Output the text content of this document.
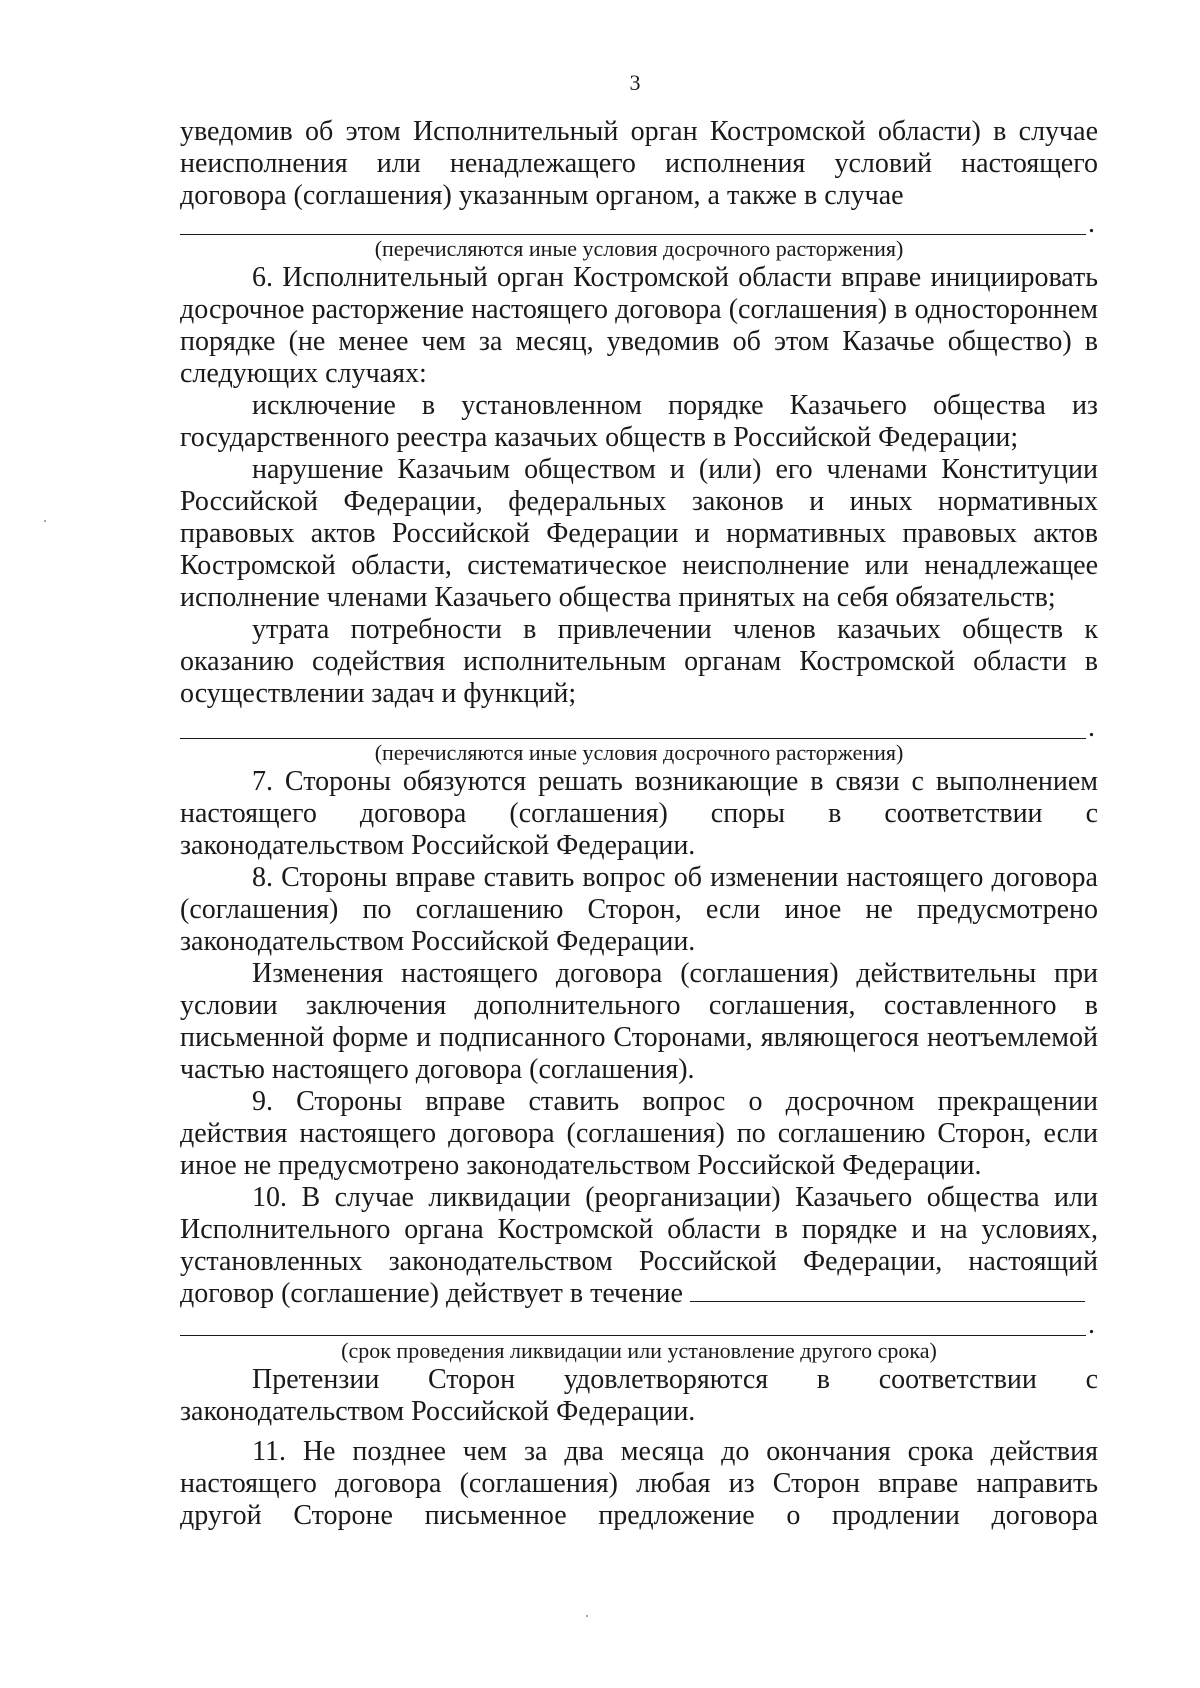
3
уведомив об этом Исполнительный орган Костромской области) в случае неисполнения или ненадлежащего исполнения условий настоящего договора (соглашения) указанным органом, а также в случае
.
(перечисляются иные условия досрочного расторжения)
6. Исполнительный орган Костромской области вправе инициировать досрочное расторжение настоящего договора (соглашения) в одностороннем порядке (не менее чем за месяц, уведомив об этом Казачье общество) в следующих случаях:
исключение в установленном порядке Казачьего общества из государственного реестра казачьих обществ в Российской Федерации;
нарушение Казачьим обществом и (или) его членами Конституции Российской Федерации, федеральных законов и иных нормативных правовых актов Российской Федерации и нормативных правовых актов Костромской области, систематическое неисполнение или ненадлежащее исполнение членами Казачьего общества принятых на себя обязательств;
утрата потребности в привлечении членов казачьих обществ к оказанию содействия исполнительным органам Костромской области в осуществлении задач и функций;
.
(перечисляются иные условия досрочного расторжения)
7. Стороны обязуются решать возникающие в связи с выполнением настоящего договора (соглашения) споры в соответствии с законодательством Российской Федерации.
8. Стороны вправе ставить вопрос об изменении настоящего договора (соглашения) по соглашению Сторон, если иное не предусмотрено законодательством Российской Федерации.
Изменения настоящего договора (соглашения) действительны при условии заключения дополнительного соглашения, составленного в письменной форме и подписанного Сторонами, являющегося неотъемлемой частью настоящего договора (соглашения).
9. Стороны вправе ставить вопрос о досрочном прекращении действия настоящего договора (соглашения) по соглашению Сторон, если иное не предусмотрено законодательством Российской Федерации.
10. В случае ликвидации (реорганизации) Казачьего общества или Исполнительного органа Костромской области в порядке и на условиях, установленных законодательством Российской Федерации, настоящий
договор (соглашение) действует в течение
.
(срок проведения ликвидации или установление другого срока)
Претензии Сторон удовлетворяются в соответствии с законодательством Российской Федерации.
11. Не позднее чем за два месяца до окончания срока действия настоящего договора (соглашения) любая из Сторон вправе направить другой Стороне письменное предложение о продлении договора
